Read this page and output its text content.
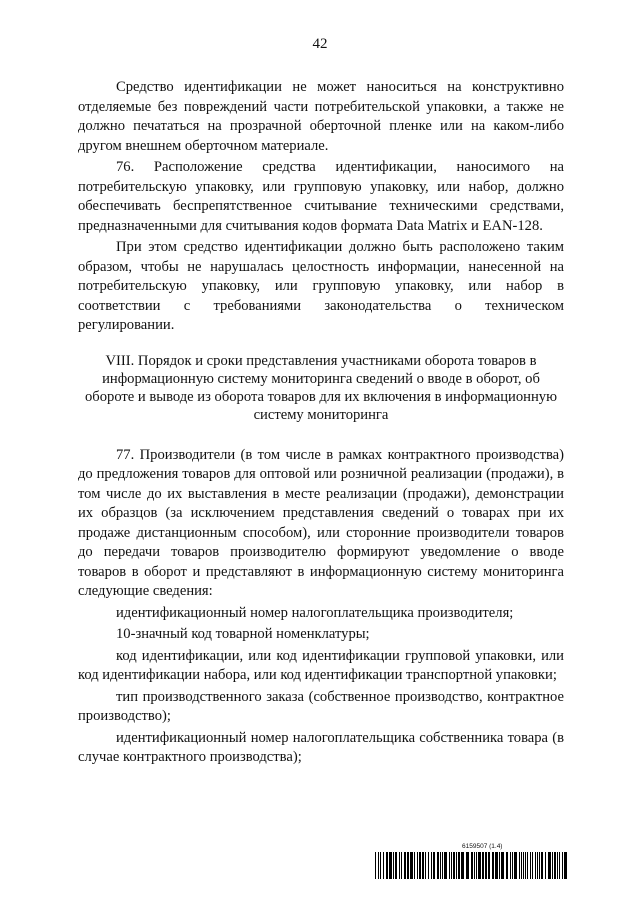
42

Средство идентификации не может наноситься на конструктивно отделяемые без повреждений части потребительской упаковки, а также не должно печататься на прозрачной оберточной пленке или на каком-либо другом внешнем оберточном материале.

76. Расположение средства идентификации, наносимого на потребительскую упаковку, или групповую упаковку, или набор, должно обеспечивать беспрепятственное считывание техническими средствами, предназначенными для считывания кодов формата Data Matrix и EAN-128.

При этом средство идентификации должно быть расположено таким образом, чтобы не нарушалась целостность информации, нанесенной на потребительскую упаковку, или групповую упаковку, или набор в соответствии с требованиями законодательства о техническом регулировании.

VIII. Порядок и сроки представления участниками оборота товаров в информационную систему мониторинга сведений о вводе в оборот, об обороте и выводе из оборота товаров для их включения в информационную систему мониторинга

77. Производители (в том числе в рамках контрактного производства) до предложения товаров для оптовой или розничной реализации (продажи), в том числе до их выставления в месте реализации (продажи), демонстрации их образцов (за исключением представления сведений о товарах при их продаже дистанционным способом), или сторонние производители товаров до передачи товаров производителю формируют уведомление о вводе товаров в оборот и представляют в информационную систему мониторинга следующие сведения:

идентификационный номер налогоплательщика производителя;

10-значный код товарной номенклатуры;

код идентификации, или код идентификации групповой упаковки, или код идентификации набора, или код идентификации транспортной упаковки;

тип производственного заказа (собственное производство, контрактное производство);

идентификационный номер налогоплательщика собственника товара (в случае контрактного производства);

6159507 (1.4)
